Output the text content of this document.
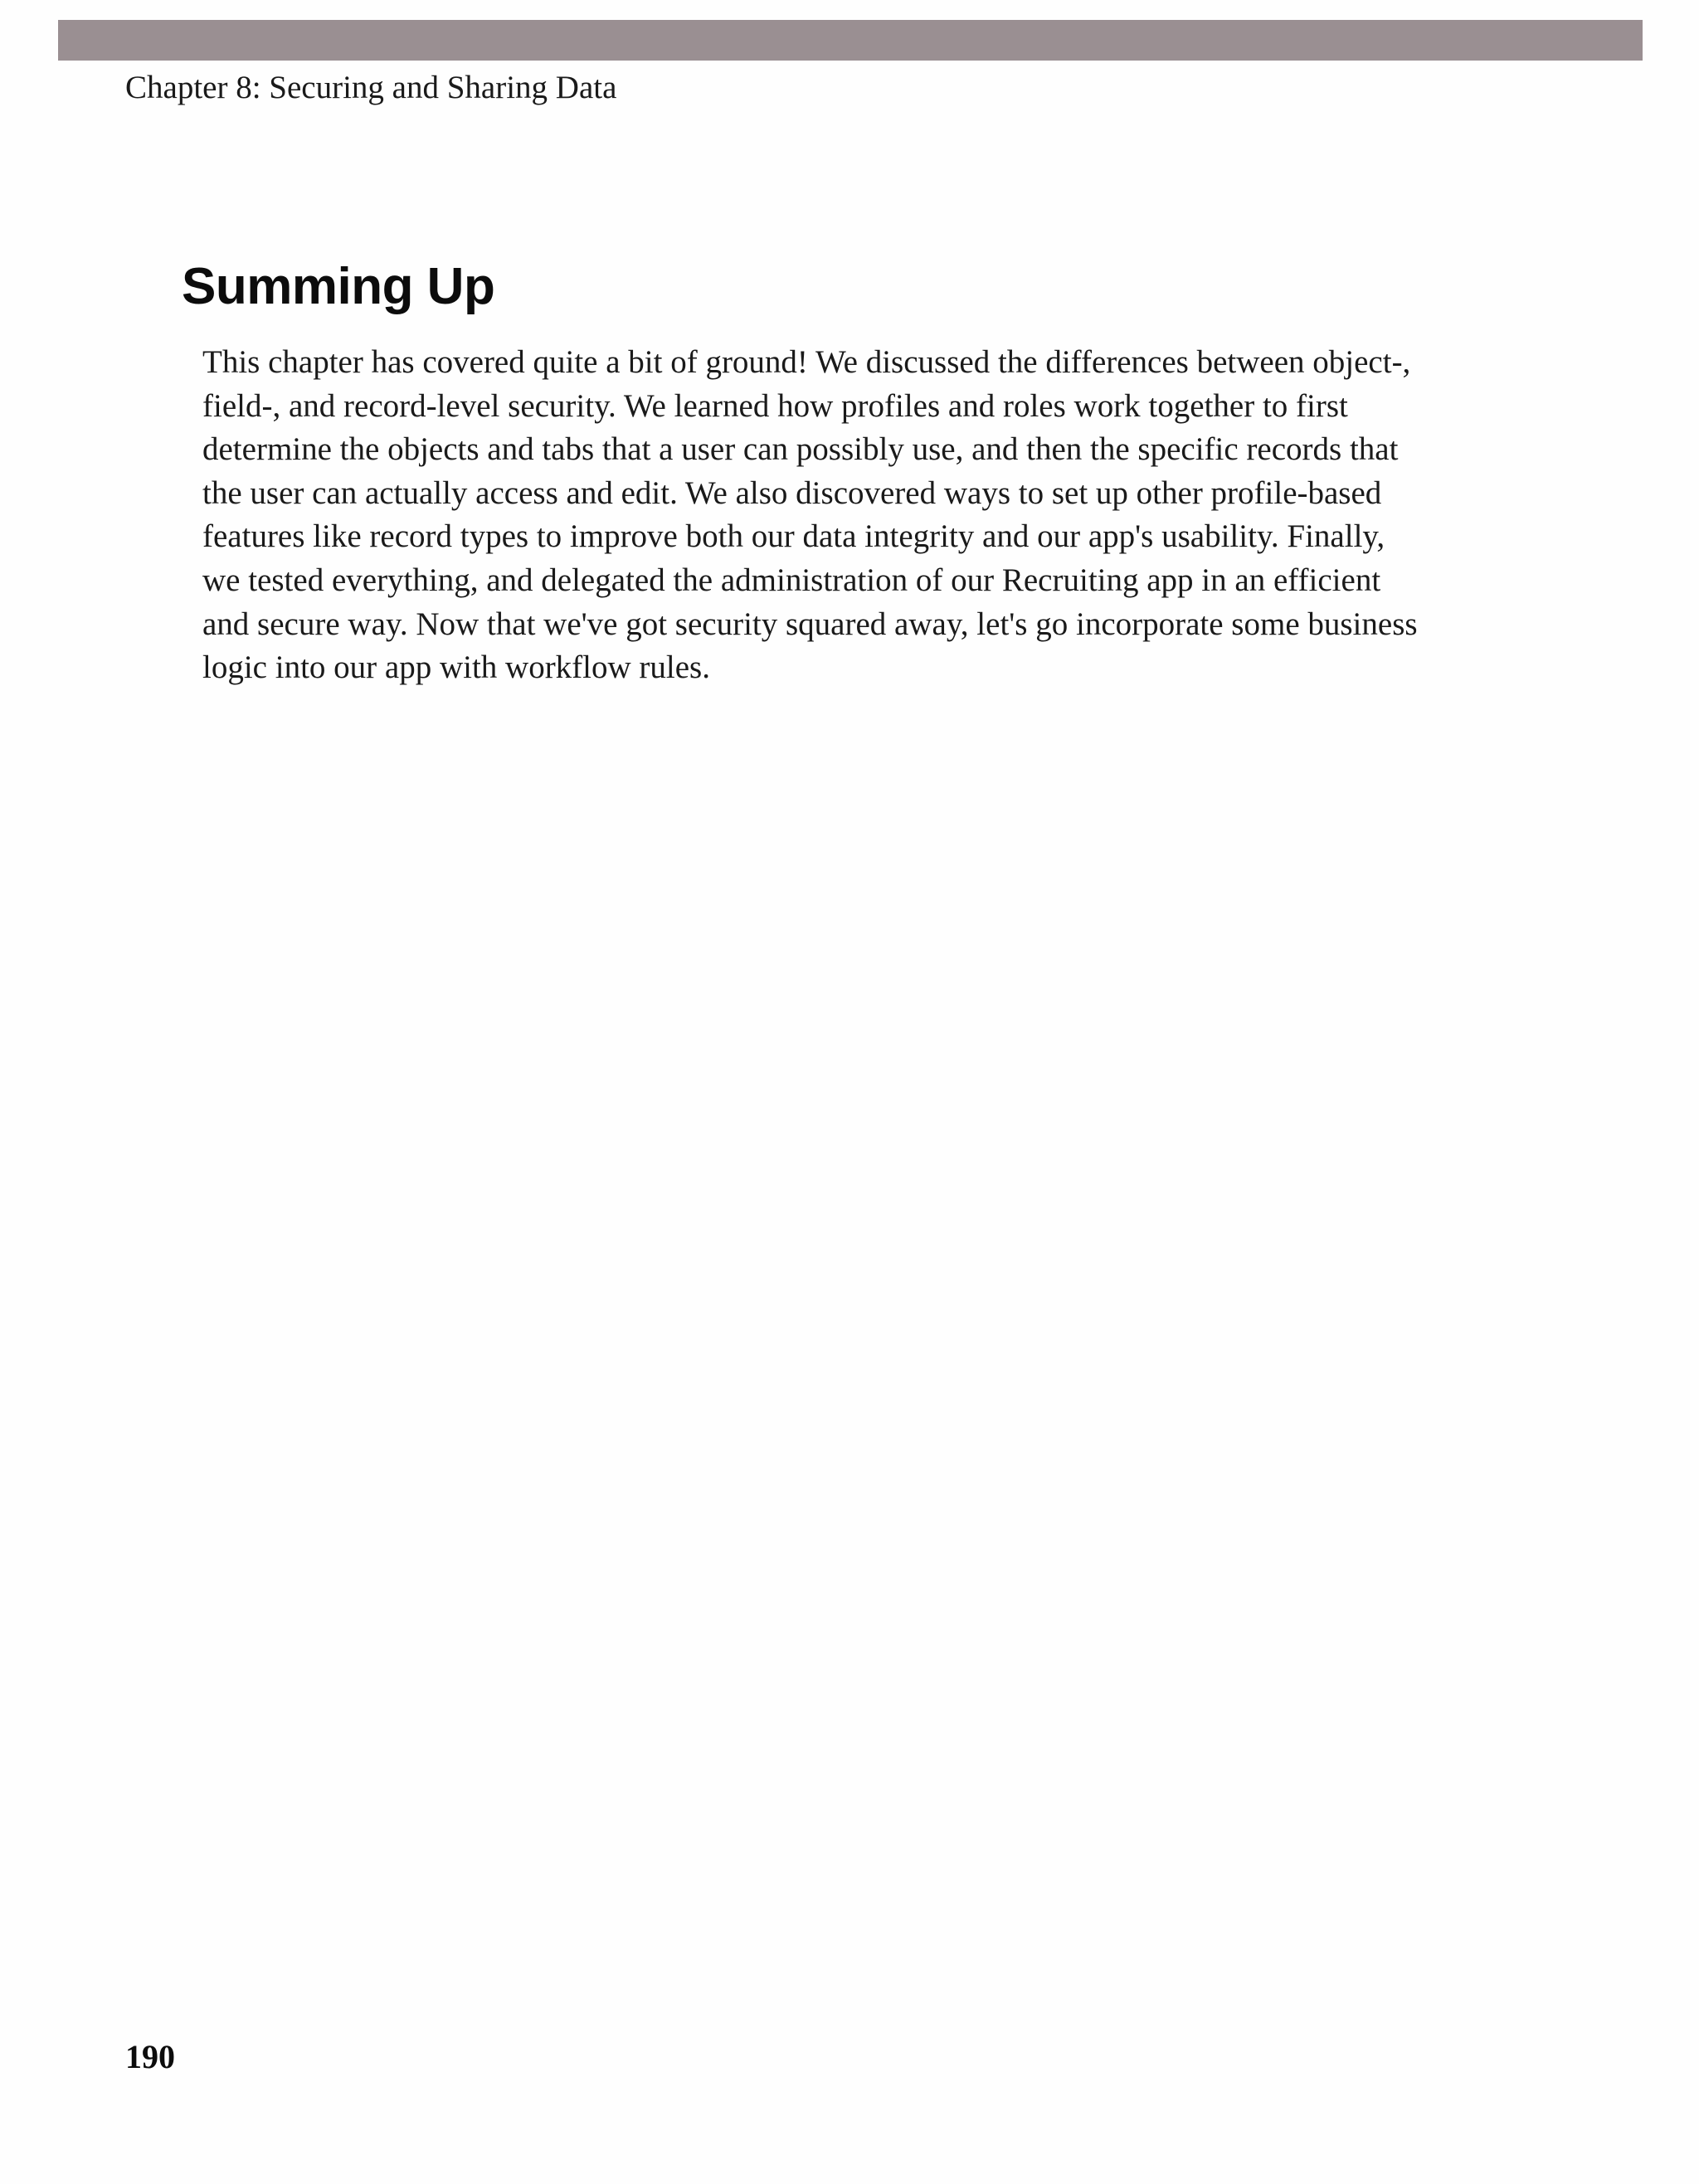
Chapter 8: Securing and Sharing Data
Summing Up

This chapter has covered quite a bit of ground! We discussed the differences between object-,
field-, and record-level security. We learned how profiles and roles work together to first
determine the objects and tabs that a user can possibly use, and then the specific records that
the user can actually access and edit. We also discovered ways to set up other profile-based
features like record types to improve both our data integrity and our app's usability. Finally,
we tested everything, and delegated the administration of our Recruiting app in an efficient
and secure way. Now that we've got security squared away, let's go incorporate some business
logic into our app with workflow rules.

190
